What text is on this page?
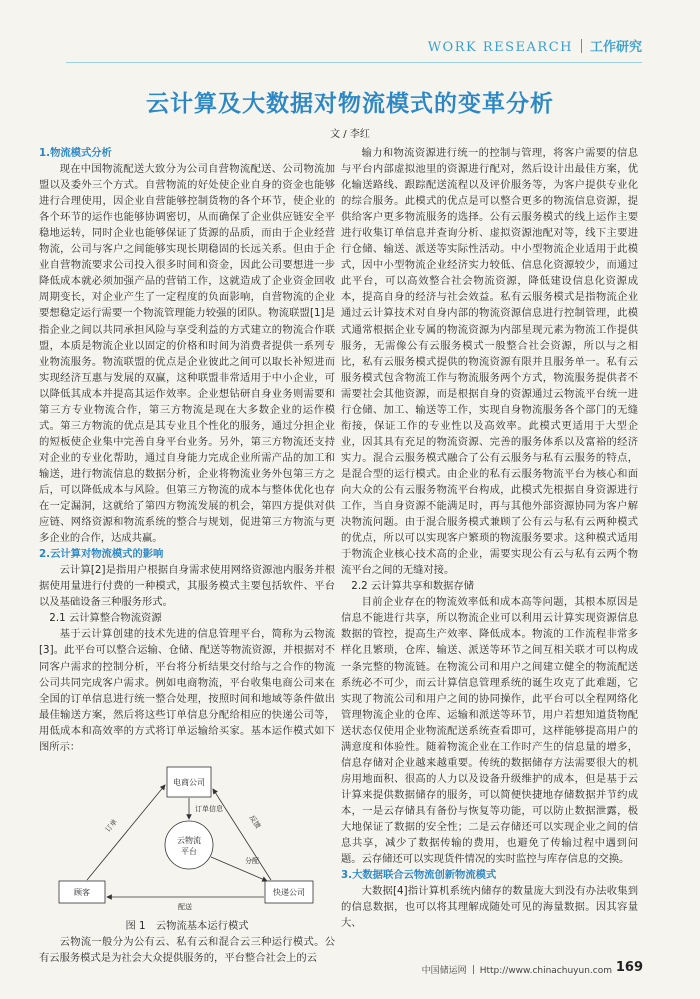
WORK RESEARCH 工作研究
云计算及大数据对物流模式的变革分析
文 / 李红
1.物流模式分析

现在中国物流配送大致分为公司自营物流配送、公司物流加盟以及委外三个方式。自营物流的好处使企业自身的资金也能够进行合理使用，因企业自营能够控制货物的各个环节，使企业的各个环节的运作也能够协调密切，从而确保了企业供应链安全平稳地运转，同时企业也能够保证了货源的品质，而由于企业经营物流，公司与客户之间能够实现长期稳固的长远关系。但由于企业自营物流要求公司投入很多时间和资金，因此公司要想进一步降低成本就必须加强产品的营销工作，这就造成了企业资金回收周期变长，对企业产生了一定程度的负面影响，自营物流的企业要想稳定运行需要一个物流管理能力较强的团队。物流联盟[1]是指企业之间以共同承担风险与享受利益的方式建立的物流合作联盟，本质是物流企业以固定的价格和时间为消费者提供一系列专业物流服务。物流联盟的优点是企业彼此之间可以取长补短进而实现经济互惠与发展的双赢，这种联盟非常适用于中小企业，可以降低其成本并提高其运作效率。企业想钻研自身业务则需要和第三方专业物流合作，第三方物流是现在大多数企业的运作模式。第三方物流的优点是其专业且个性化的服务，通过分担企业的短板使企业集中完善自身平台业务。另外，第三方物流还支持对企业的专业化帮助，通过自身能力完成企业所需产品的加工和输送，进行物流信息的数据分析，企业将物流业务外包第三方之后，可以降低成本与风险。但第三方物流的成本与整体优化也存在一定漏洞，这就给了第四方物流发展的机会，第四方提供对供应链、网络资源和物流系统的整合与规划，促进第三方物流与更多企业的合作，达成共赢。

2.云计算对物流模式的影响

云计算[2]是指用户根据自身需求使用网络资源池内服务并根据使用量进行付费的一种模式，其服务模式主要包括软件、平台以及基础设备三种服务形式。

2.1 云计算整合物流资源

基于云计算创建的技术先进的信息管理平台，简称为云物流[3]。此平台可以整合运输、仓储、配送等物流资源，并根据对不同客户需求的控制分析，平台将分析结果交付给与之合作的物流公司共同完成客户需求。例如电商物流，平台收集电商公司来在全国的订单信息进行统一整合处理，按照时间和地域等条件做出最佳输送方案，然后将这些订单信息分配给相应的快递公司等，用低成本和高效率的方式将订单运输给买家。基本运作模式如下图所示：

电商公司
云物流
平台
顾客	快递公司
订单
订单信息
分配
反馈
配送
图 1　云物流基本运行模式

云物流一般分为公有云、私有云和混合云三种运行模式。公有云服务模式是为社会大众提供服务的，平台整合社会上的云

输力和物流资源进行统一的控制与管理，将客户需要的信息与平台内部虚拟池里的资源进行配对，然后设计出最佳方案，优化输送路线、跟踪配送流程以及评价服务等，为客户提供专业化的综合服务。此模式的优点是可以整合更多的物流信息资源，提供给客户更多物流服务的选择。公有云服务模式的线上运作主要进行收集订单信息并查询分析、虚拟资源池配对等，线下主要进行仓储、输送、派送等实际性活动。中小型物流企业适用于此模式，因中小型物流企业经济实力较低、信息化资源较少，而通过此平台，可以高效整合社会物流资源，降低建设信息化资源成本，提高自身的经济与社会效益。私有云服务模式是指物流企业通过云计算技术对自身内部的物流资源信息进行控制管理，此模式通常根据企业专属的物流资源为内部星现元素为物流工作提供服务，无需像公有云服务模式一般整合社会资源，所以与之相比，私有云服务模式提供的物流资源有限并且服务单一。私有云服务模式包含物流工作与物流服务两个方式，物流服务提供者不需要社会其他资源，而是根据自身的资源通过云物流平台统一进行仓储、加工、输送等工作，实现自身物流服务各个部门的无缝衔接，保证工作的专业性以及高效率。此模式更适用于大型企业，因其具有充足的物流资源、完善的服务体系以及富裕的经济实力。混合云服务模式融合了公有云服务与私有云服务的特点，是混合型的运行模式。由企业的私有云服务物流平台为核心和面向大众的公有云服务物流平台构成，此模式先根据自身资源进行工作，当自身资源不能满足时，再与其他外部资源协同为客户解决物流问题。由于混合服务模式兼顾了公有云与私有云两种模式的优点，所以可以实现客户繁琐的物流服务要求。这种模式适用于物流企业核心技术高的企业，需要实现公有云与私有云两个物流平台之间的无缝对接。

2.2 云计算共享和数据存储

目前企业存在的物流效率低和成本高等问题，其根本原因是信息不能进行共享，所以物流企业可以利用云计算实现资源信息数据的管控，提高生产效率、降低成本。物流的工作流程非常多样化且繁琐，仓库、输送、派送等环节之间互相关联才可以构成一条完整的物流链。在物流公司和用户之间建立健全的物流配送系统必不可少，而云计算信息管理系统的诞生攻克了此难题，它实现了物流公司和用户之间的协同操作，此平台可以全程网络化管理物流企业的仓库、运输和派送等环节，用户若想知道货物配送状态仅使用企业物流配送系统查看即可，这样能够提高用户的满意度和体验性。随着物流企业在工作时产生的信息量的增多，信息存储对企业越来越重要。传统的数据储存方法需要很大的机房用地面积、很高的人力以及设备升级维护的成本，但是基于云计算来提供数据储存的服务，可以简便快捷地存储数据并节约成本，一是云存储具有备份与恢复等功能，可以防止数据泄露，极大地保证了数据的安全性；二是云存储还可以实现企业之间的信息共享，减少了数据传输的费用，也避免了传输过程中遇到问题。云存储还可以实现货件情况的实时监控与库存信息的交换。

3.大数据联合云物流创新物流模式

大数据[4]指计算机系统内储存的数量庞大到没有办法收集到的信息数据，也可以将其理解成随处可见的海量数据。因其容量大、

中国储运网 Http://www.chinachuyun.com 169
